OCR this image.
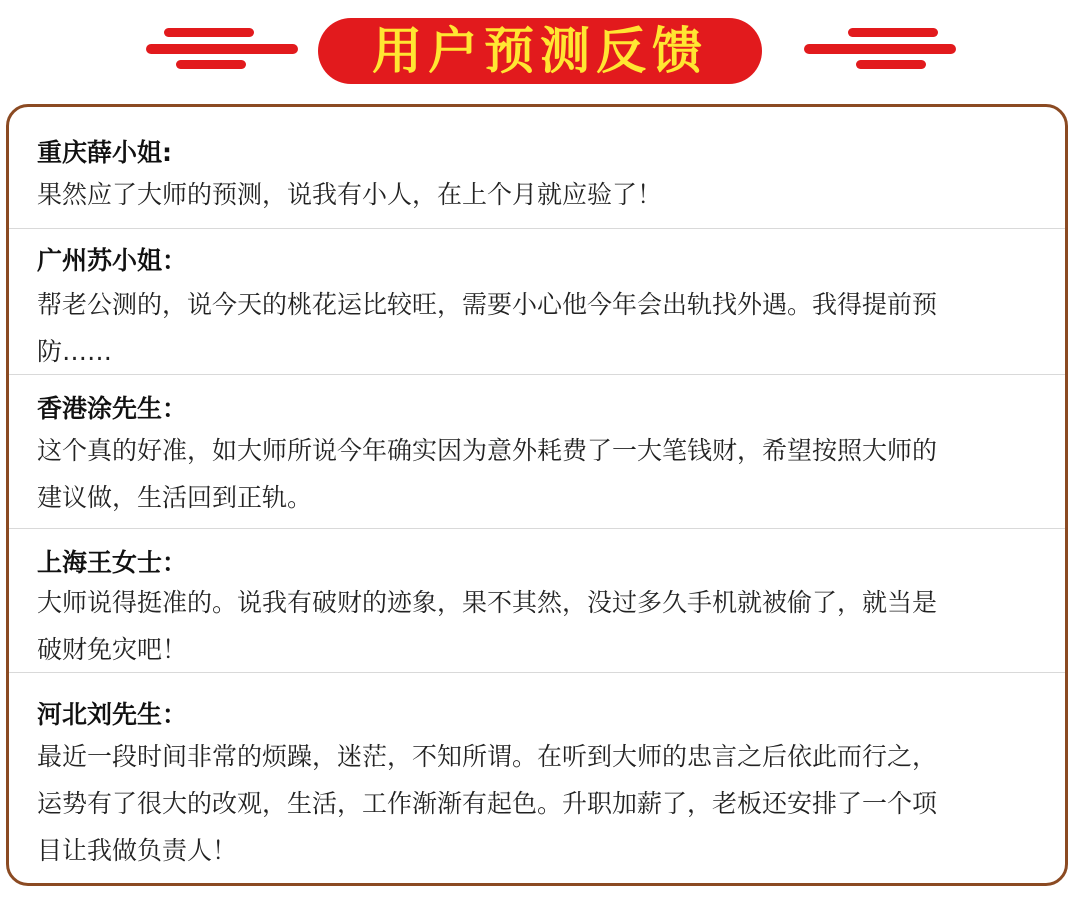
用户预测反馈
重庆薛小姐:
果然应了大师的预测，说我有小人，在上个月就应验了！
广州苏小姐：
帮老公测的，说今天的桃花运比较旺，需要小心他今年会出轨找外遇。我得提前预
防……
香港涂先生：
这个真的好准，如大师所说今年确实因为意外耗费了一大笔钱财，希望按照大师的
建议做，生活回到正轨。
上海王女士：
大师说得挺准的。说我有破财的迹象，果不其然，没过多久手机就被偷了，就当是
破财免灾吧！
河北刘先生：
最近一段时间非常的烦躁，迷茫，不知所谓。在听到大师的忠言之后依此而行之，
运势有了很大的改观，生活，工作渐渐有起色。升职加薪了，老板还安排了一个项
目让我做负责人！
